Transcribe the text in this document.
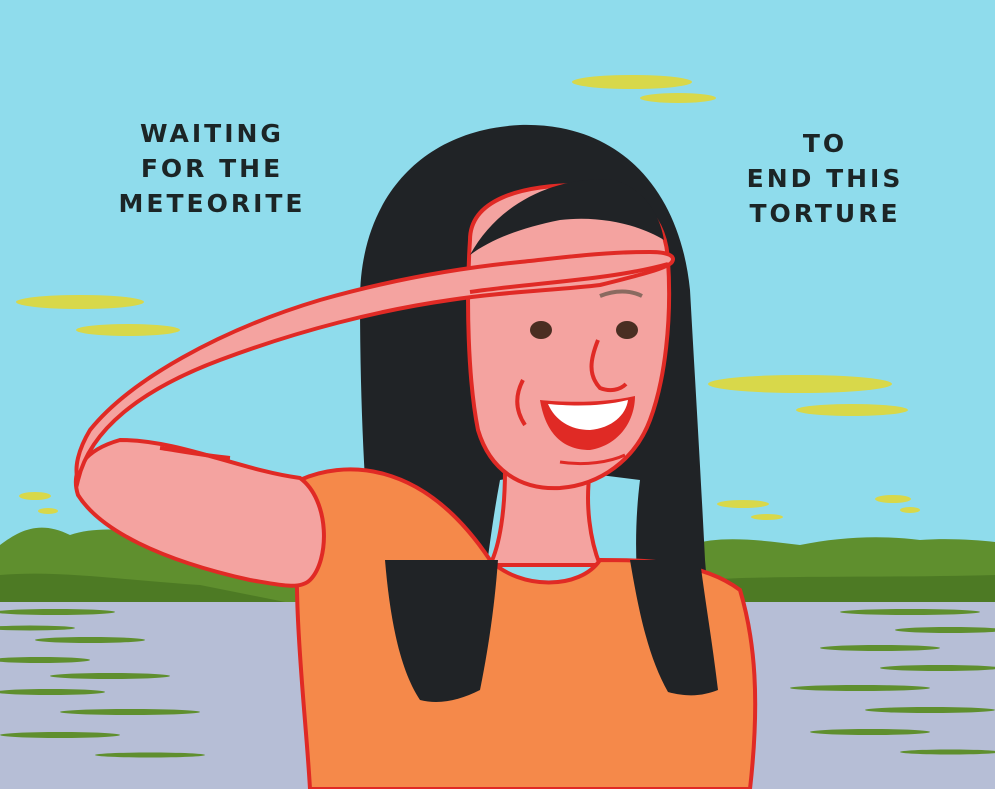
WAITING
FOR THE
METEORITE
TO
END THIS
TORTURE
